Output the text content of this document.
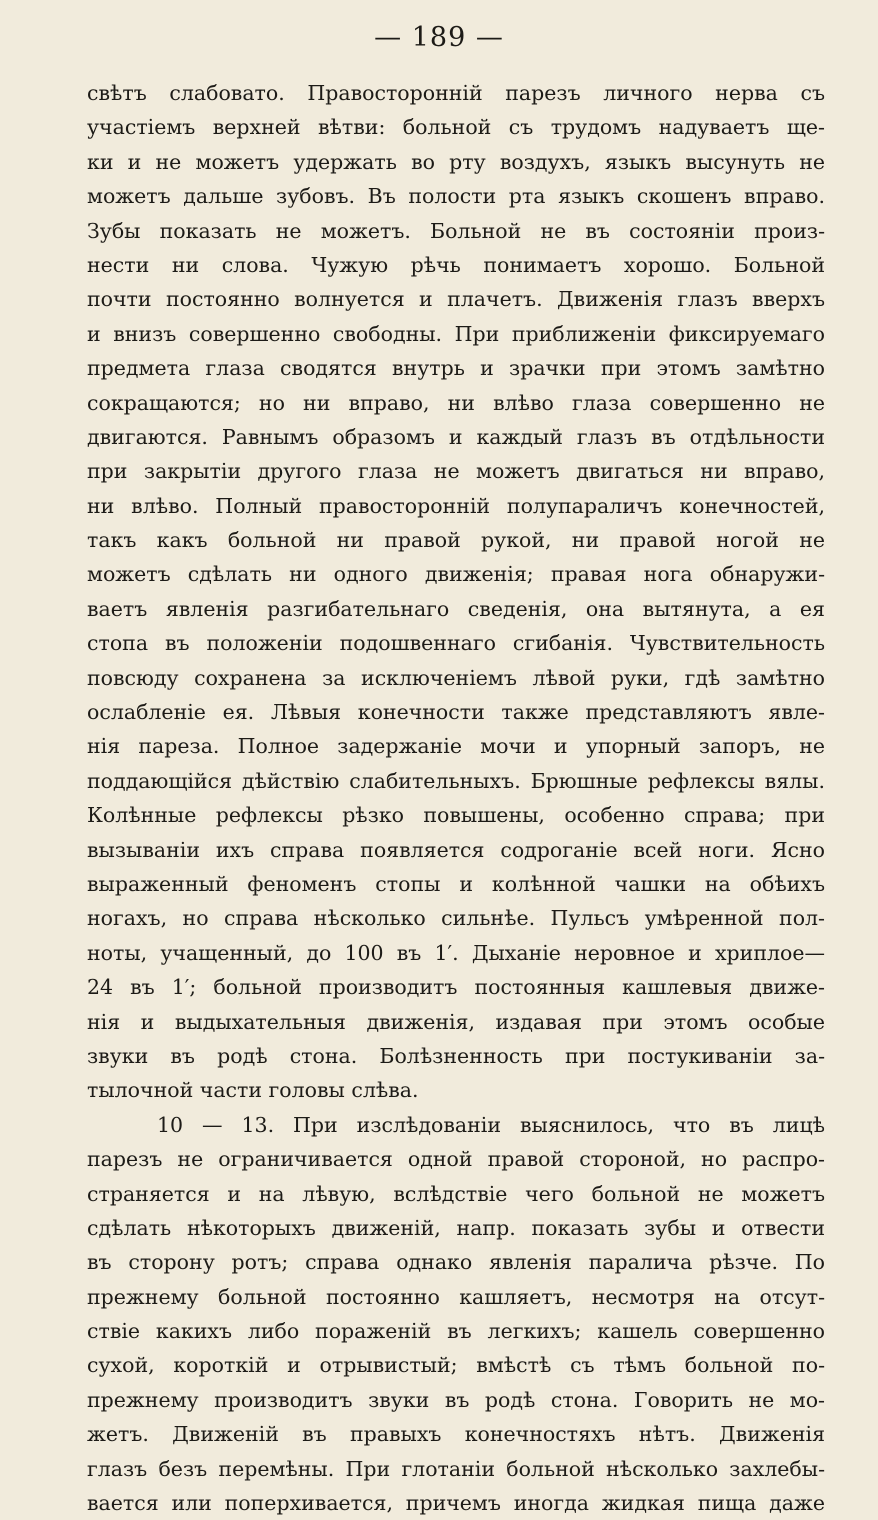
— 189 —
свѣтъ слабовато. Правосторонній парезъ личного нерва съ
участіемъ верхней вѣтви: больной съ трудомъ надуваетъ ще-
ки и не можетъ удержать во рту воздухъ, языкъ высунуть не
можетъ дальше зубовъ. Въ полости рта языкъ скошенъ вправо.
Зубы показать не можетъ. Больной не въ состояніи произ-
нести ни слова. Чужую рѣчь понимаетъ хорошо. Больной
почти постоянно волнуется и плачетъ. Движенія глазъ вверхъ
и внизъ совершенно свободны. При приближеніи фиксируемаго
предмета глаза сводятся внутрь и зрачки при этомъ замѣтно
сокращаются; но ни вправо, ни влѣво глаза совершенно не
двигаются. Равнымъ образомъ и каждый глазъ въ отдѣльности
при закрытіи другого глаза не можетъ двигаться ни вправо,
ни влѣво. Полный правосторонній полупараличъ конечностей,
такъ какъ больной ни правой рукой, ни правой ногой не
можетъ сдѣлать ни одного движенія; правая нога обнаружи-
ваетъ явленія разгибательнаго сведенія, она вытянута, а ея
стопа въ положеніи подошвеннаго сгибанія. Чувствительность
повсюду сохранена за исключеніемъ лѣвой руки, гдѣ замѣтно
ослабленіе ея. Лѣвыя конечности также представляютъ явле-
нія пареза. Полное задержаніе мочи и упорный запоръ, не
поддающійся дѣйствію слабительныхъ. Брюшные рефлексы вялы.
Колѣнные рефлексы рѣзко повышены, особенно справа; при
вызываніи ихъ справа появляется содроганіе всей ноги. Ясно
выраженный феноменъ стопы и колѣнной чашки на обѣихъ
ногахъ, но справа нѣсколько сильнѣе. Пульсъ умѣренной пол-
ноты, учащенный, до 100 въ 1′. Дыханіе неровное и хриплое—
24 въ 1′; больной производитъ постоянныя кашлевыя движе-
нія и выдыхательныя движенія, издавая при этомъ особые
звуки въ родѣ стона. Болѣзненность при постукиваніи за-
тылочной части головы слѣва.
10 — 13. При изслѣдованіи выяснилось, что въ лицѣ
парезъ не ограничивается одной правой стороной, но распро-
страняется и на лѣвую, вслѣдствіе чего больной не можетъ
сдѣлать нѣкоторыхъ движеній, напр. показать зубы и отвести
въ сторону ротъ; справа однако явленія паралича рѣзче. По
прежнему больной постоянно кашляетъ, несмотря на отсут-
ствіе какихъ либо пораженій въ легкихъ; кашель совершенно
сухой, короткій и отрывистый; вмѣстѣ съ тѣмъ больной по-
прежнему производитъ звуки въ родѣ стона. Говорить не мо-
жетъ. Движеній въ правыхъ конечностяхъ нѣтъ. Движенія
глазъ безъ перемѣны. При глотаніи больной нѣсколько захлебы-
вается или поперхивается, причемъ иногда жидкая пища даже
